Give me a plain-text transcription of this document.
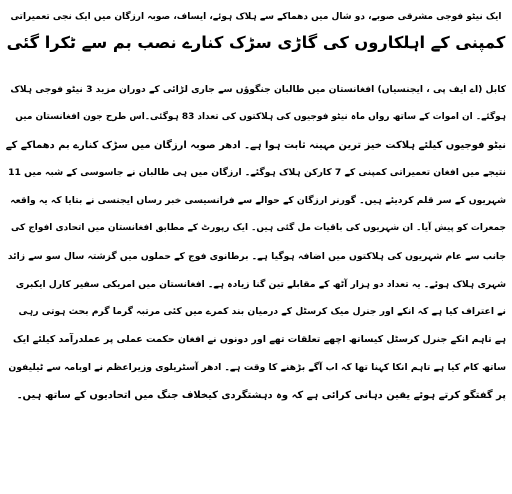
ایک نیٹو فوجی مشرقی صوبے، دو شال میں دھماکے سے ہلاک ہوئے، ایساف، صوبہ ارزگان میں ایک نجی تعمیراتی
کمپنی کے اہلکاروں کی گاڑی سڑک کنارے نصب بم سے ٹکرا گئی
کابل (اے ایف پی ، ایجنسیاں) افغانستان میں طالبان جنگوؤں سے جاری لڑائی کے دوران مزید 3 نیٹو فوجی ہلاک
ہوگئے۔ ان اموات کے ساتھ رواں ماہ نیٹو فوجیوں کی ہلاکتوں کی تعداد 83 ہوگئی۔اس طرح جون افغانستان میں
نیٹو فوجیوں کیلئے ہلاکت خیز ترین مہینہ ثابت ہوا ہے۔ ادھر صوبہ ارزگان میں سڑک کنارے بم دھماکے کے
نتیجے میں افغان تعمیراتی کمپنی کے 7 کارکن ہلاک ہوگئے۔ ارزگان میں ہی طالبان نے جاسوسی کے شبہ میں 11
شہریوں کے سر قلم کردیئے ہیں۔ گورنر ارزگان کے حوالے سے فرانسیسی خبر رساں ایجنسی نے بتایا کہ یہ واقعہ
جمعرات کو پیش آیا۔ ان شہریوں کی باقیات مل گئی ہیں۔ ایک رپورٹ کے مطابق افغانستان میں اتحادی افواج کی
جانب سے عام شہریوں کی ہلاکتوں میں اضافہ ہوگیا ہے۔ برطانوی فوج کے حملوں میں گزشتہ سال سو سے زائد
شہری ہلاک ہوئے۔ یہ تعداد دو ہزار آٹھ کے مقابلے تین گنا زیادہ ہے۔ افغانستان میں امریکی سفیر کارل ایکبری
نے اعتراف کیا ہے کہ انکے اور جنرل میک کرسٹل کے درمیان بند کمرے میں کئی مرتبہ گرما گرم بحث ہوتی رہی
ہے تاہم انکے جنرل کرسٹل کیساتھ اچھے تعلقات تھے اور دونوں نے افغان حکمت عملی پر عملدرآمد کیلئے ایک
ساتھ کام کیا ہے تاہم انکا کہنا تھا کہ اب آگے بڑھنے کا وقت ہے۔ ادھر آسٹریلوی وزیراعظم نے اوبامہ سے ٹیلیفون
پر گفتگو کرتے ہوئے یقین دہانی کرائی ہے کہ وہ دہشتگردی کیخلاف جنگ میں اتحادیوں کے ساتھ ہیں۔
